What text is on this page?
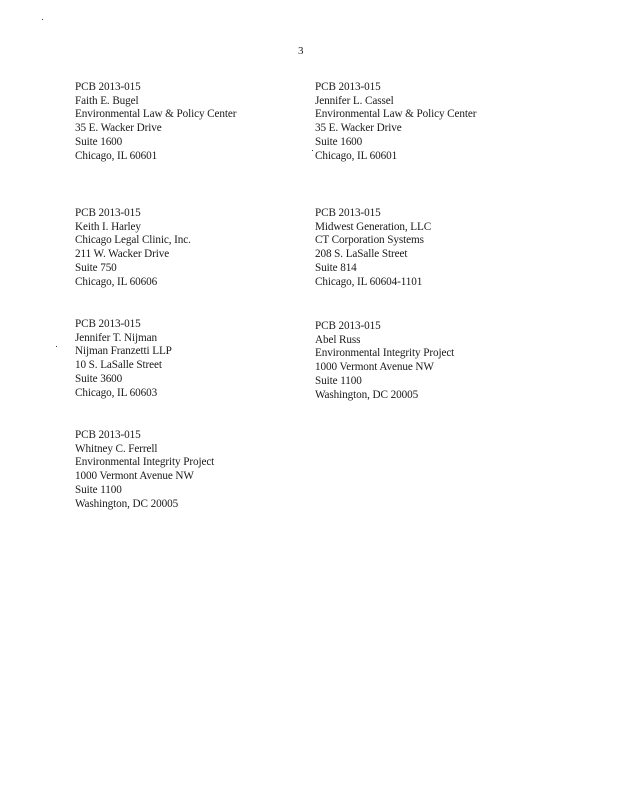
3
PCB 2013-015
Faith E. Bugel
Environmental Law & Policy Center
35 E. Wacker Drive
Suite 1600
Chicago, IL 60601
PCB 2013-015
Jennifer L. Cassel
Environmental Law & Policy Center
35 E. Wacker Drive
Suite 1600
Chicago, IL 60601
PCB 2013-015
Keith I. Harley
Chicago Legal Clinic, Inc.
211 W. Wacker Drive
Suite 750
Chicago, IL 60606
PCB 2013-015
Midwest Generation, LLC
CT Corporation Systems
208 S. LaSalle Street
Suite 814
Chicago, IL 60604-1101
PCB 2013-015
Jennifer T. Nijman
Nijman Franzetti LLP
10 S. LaSalle Street
Suite 3600
Chicago, IL 60603
PCB 2013-015
Abel Russ
Environmental Integrity Project
1000 Vermont Avenue NW
Suite 1100
Washington, DC 20005
PCB 2013-015
Whitney C. Ferrell
Environmental Integrity Project
1000 Vermont Avenue NW
Suite 1100
Washington, DC 20005
